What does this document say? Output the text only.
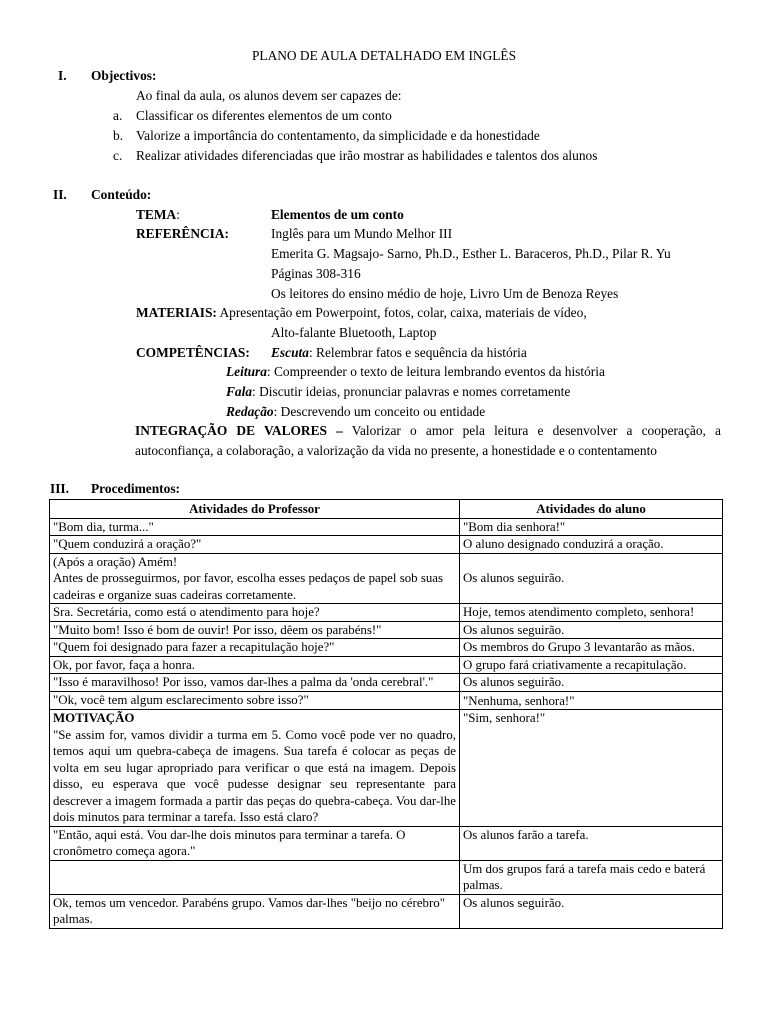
PLANO DE AULA DETALHADO EM INGLÊS
I. Objectivos:
Ao final da aula, os alunos devem ser capazes de:
a. Classificar os diferentes elementos de um conto
b. Valorize a importância do contentamento, da simplicidade e da honestidade
c. Realizar atividades diferenciadas que irão mostrar as habilidades e talentos dos alunos
II. Conteúdo:
TEMA:	Elementos de um conto
REFERÊNCIA:	Inglês para um Mundo Melhor III
Emerita G. Magsajo- Sarno, Ph.D., Esther L. Baraceros, Ph.D., Pilar R. Yu
Páginas 308-316
Os leitores do ensino médio de hoje, Livro Um de Benoza Reyes
MATERIAIS: Apresentação em Powerpoint, fotos, colar, caixa, materiais de vídeo,
Alto-falante Bluetooth, Laptop
COMPETÊNCIAS: Escuta: Relembrar fatos e sequência da história
Leitura: Compreender o texto de leitura lembrando eventos da história
Fala: Discutir ideias, pronunciar palavras e nomes corretamente
Redação: Descrevendo um conceito ou entidade
INTEGRAÇÃO DE VALORES – Valorizar o amor pela leitura e desenvolver a cooperação, a autoconfiança, a colaboração, a valorização da vida no presente, a honestidade e o contentamento
III. Procedimentos:
Atividades do Professor	Atividades do aluno
"Bom dia, turma..."	"Bom dia senhora!"
"Quem conduzirá a oração?"	O aluno designado conduzirá a oração.

(Após a oração) Amém!
Antes de prosseguirmos, por favor, escolha esses pedaços de papel sob suas cadeiras e organize suas cadeiras corretamente.	Os alunos seguirão.
Sra. Secretária, como está o atendimento para hoje?	Hoje, temos atendimento completo, senhora!
"Muito bom! Isso é bom de ouvir! Por isso, dêem os parabéns!"	Os alunos seguirão.
"Quem foi designado para fazer a recapitulação hoje?"	Os membros do Grupo 3 levantarão as mãos.
Ok, por favor, faça a honra.	O grupo fará criativamente a recapitulação.
"Isso é maravilhoso! Por isso, vamos dar-lhes a palma da 'onda cerebral'."	Os alunos seguirão.
"Ok, você tem algum esclarecimento sobre isso?"	"Nenhuma, senhora!"

MOTIVAÇÃO
"Se assim for, vamos dividir a turma em 5. Como você pode ver no quadro, temos aqui um quebra-cabeça de imagens. Sua tarefa é colocar as peças de volta em seu lugar apropriado para verificar o que está na imagem. Depois disso, eu esperava que você pudesse designar seu representante para descrever a imagem formada a partir das peças do quebra-cabeça. Vou dar-lhe dois minutos para terminar a tarefa. Isso está claro?	"Sim, senhora!"
"Então, aqui está. Vou dar-lhe dois minutos para terminar a tarefa. O cronômetro começa agora."	Os alunos farão a tarefa.
	Um dos grupos fará a tarefa mais cedo e baterá palmas.
Ok, temos um vencedor. Parabéns grupo. Vamos dar-lhes "beijo no cérebro" palmas.	Os alunos seguirão.
